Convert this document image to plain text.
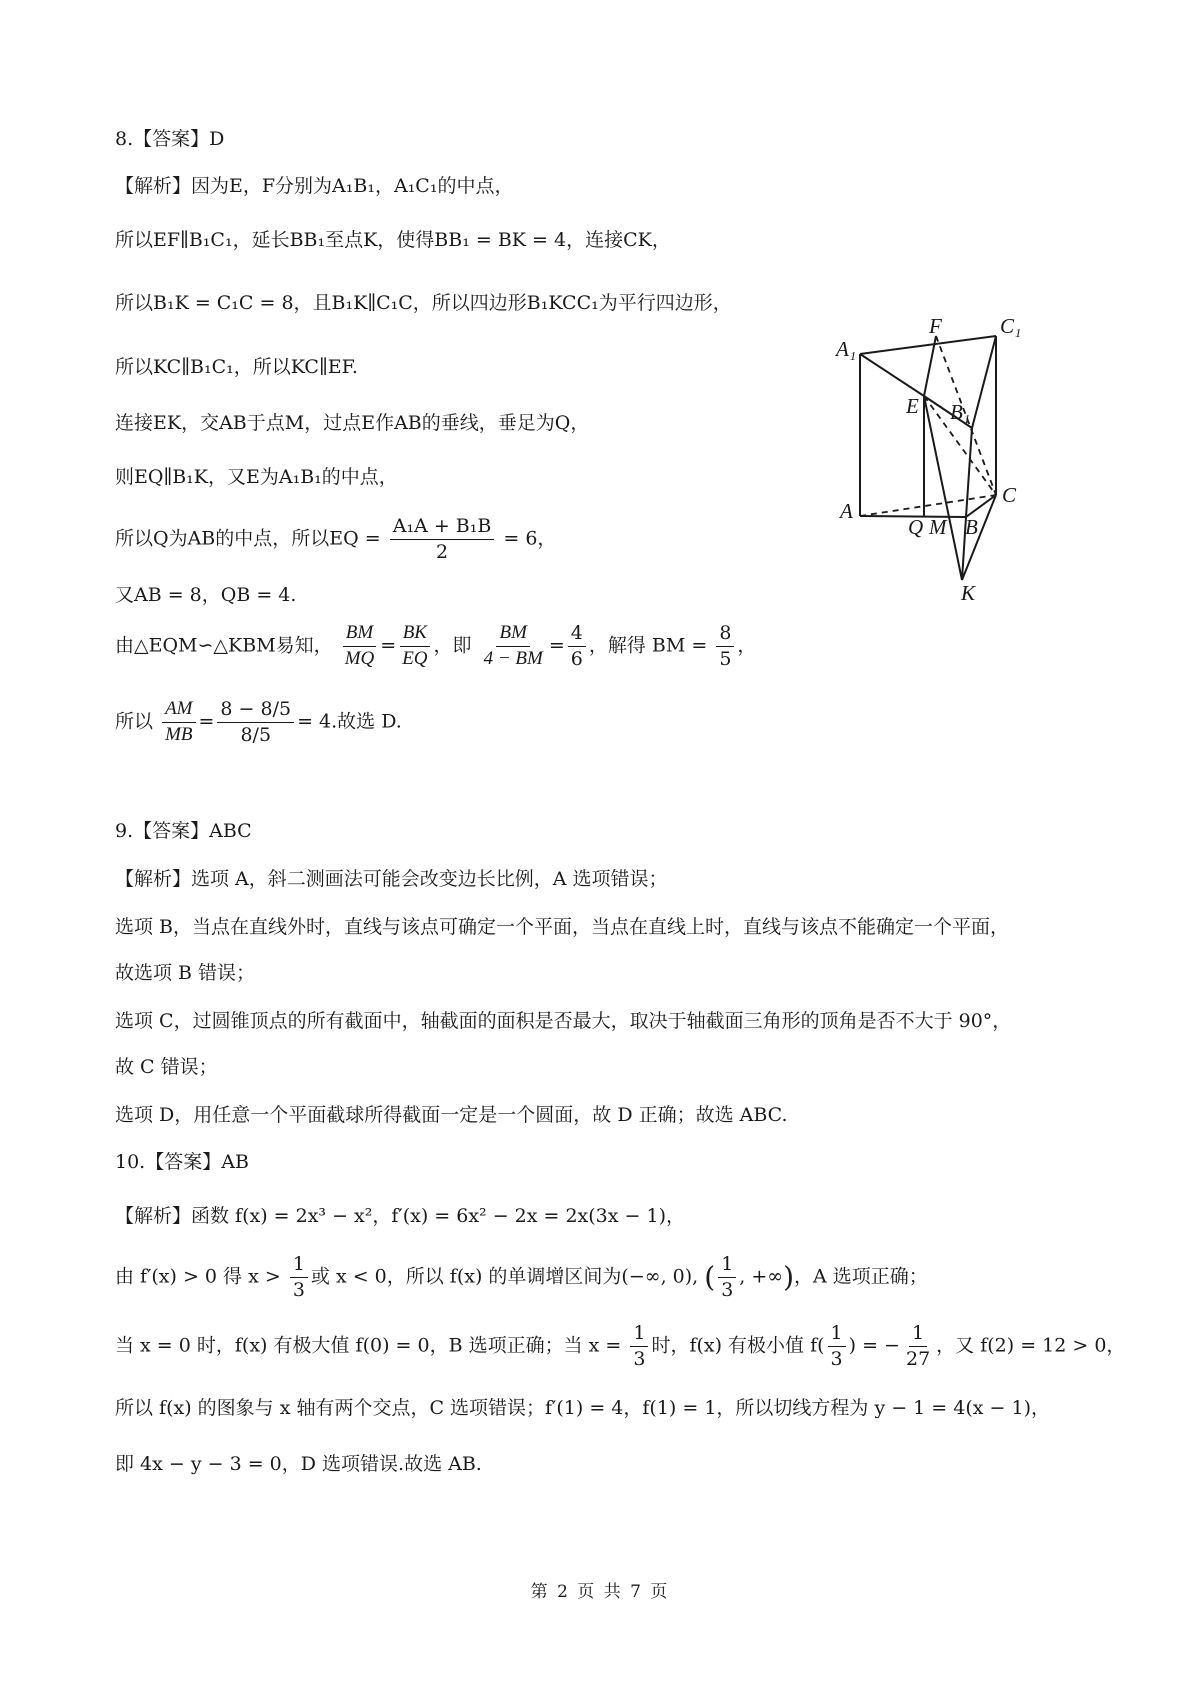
8.【答案】D
【解析】因为E，F分别为A₁B₁，A₁C₁的中点，
所以EF∥B₁C₁，延长BB₁至点K，使得BB₁ = BK = 4，连接CK，
所以B₁K = C₁C = 8，且B₁K∥C₁C，所以四边形B₁KCC₁为平行四边形，
所以KC∥B₁C₁，所以KC∥EF.
连接EK，交AB于点M，过点E作AB的垂线，垂足为Q，
则EQ∥B₁K，又E为A₁B₁的中点，
所以Q为AB的中点，所以EQ = $\frac{\text{A₁A + B₁B}}{2} = 6$，
又AB = 8，QB = 4.
由△EQM∽△KBM易知， $\frac{BM}{MQ} = \frac{BK}{EQ}$ ，即 $\frac{BM}{4 - BM} = \frac{4}{6}$ ，解得 BM = $\frac{8}{5}$ ，
所以 $\frac{AM}{MB} = \frac{8 - 8/5}{8/5} = 4$.故选 D.
A₁
F	C₁
E B₁
C
A
Q M B
K
9.【答案】ABC
【解析】选项 A，斜二测画法可能会改变边长比例，A 选项错误；
选项 B，当点在直线外时，直线与该点可确定一个平面，当点在直线上时，直线与该点不能确定一个平面，
故选项 B 错误；
选项 C，过圆锥顶点的所有截面中，轴截面的面积是否最大，取决于轴截面三角形的顶角是否不大于 90°，
故 C 错误；
选项 D，用任意一个平面截球所得截面一定是一个圆面，故 D 正确；故选 ABC.
10.【答案】AB
【解析】函数 f(x) = 2x³ − x²，f′(x) = 6x² − 2x = 2x(3x − 1)，
由 f′(x) > 0 得 $x > \frac{1}{3}$ 或 x < 0，所以 f(x) 的单调增区间为(−∞, 0), ( $\frac{1}{3}$ , +∞)，A 选项正确；
当 x = 0 时，f(x) 有极大值 f(0) = 0，B 选项正确；当 $x = \frac{1}{3}$ 时，f(x) 有极小值 $f( \frac{1}{3}$ ) = − $\frac{1}{27}$ ，又 f(2) = 12 > 0，
所以 f(x) 的图象与 x 轴有两个交点，C 选项错误；f′(1) = 4，f(1) = 1，所以切线方程为 y − 1 = 4(x − 1)，
即 4x − y − 3 = 0，D 选项错误.故选 AB.
第 2 页 共 7 页
